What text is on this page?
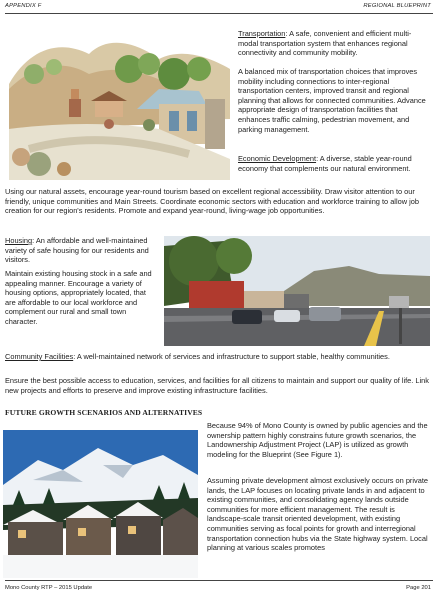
APPENDIX F	REGIONAL BLUEPRINT
Transportation: A safe, convenient and efficient multi-modal transportation system that enhances regional connectivity and community mobility.
A balanced mix of transportation choices that improves mobility including connections to inter-regional transportation centers, improved transit and regional planning that allows for connected communities. Advance appropriate design of transportation facilities that enhances traffic calming, pedestrian movement, and parking management.
Economic Development: A diverse, stable year-round economy that complements our natural environment.
Using our natural assets, encourage year-round tourism based on excellent regional accessibility. Draw visitor attention to our friendly, unique communities and Main Streets. Coordinate economic sectors with education and workforce training to allow job creation for our region's residents. Promote and expand year-round, living-wage job opportunities.
Housing: An affordable and well-maintained variety of safe housing for our residents and visitors.
Maintain existing housing stock in a safe and appealing manner. Encourage a variety of housing options, appropriately located, that are affordable to our local workforce and complement our rural and small town character.
Community Facilities: A well-maintained network of services and infrastructure to support stable, healthy communities.
Ensure the best possible access to education, services, and facilities for all citizens to maintain and support our quality of life. Link new projects and efforts to preserve and improve existing infrastructure facilities.
FUTURE GROWTH SCENARIOS AND ALTERNATIVES
Because 94% of Mono County is owned by public agencies and the ownership pattern highly constrains future growth scenarios, the Landownership Adjustment Project (LAP) is utilized as growth modeling for the Blueprint (See Figure 1).
Assuming private development almost exclusively occurs on private lands, the LAP focuses on locating private lands in and adjacent to existing communities, and consolidating agency lands outside communities for more efficient management. The result is landscape-scale transit oriented development, with existing communities serving as focal points for growth and interregional transportation connection hubs via the State highway system. Local planning at various scales promotes
Mono County RTP – 2015 Update	Page 201
